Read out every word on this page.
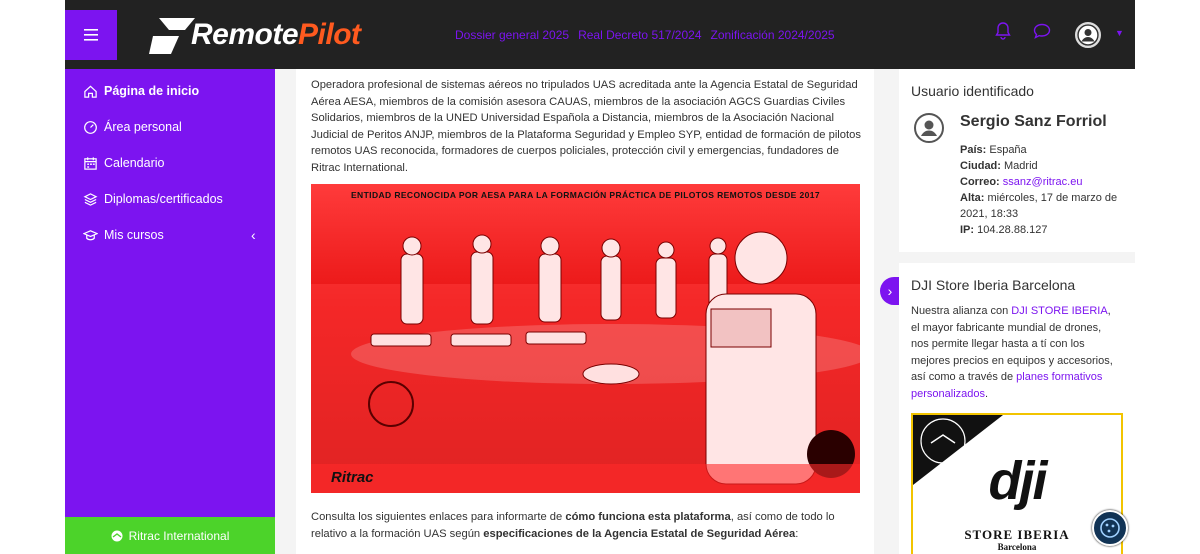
RemotePilot	Dossier general 2025 Real Decreto 517/2024 Zonificación 2024/2025	▼
Página de inicio
Área personal
Calendario
Diplomas/certificados
Mis cursos	‹
Ritrac International

Operadora profesional de sistemas aéreos no tripulados UAS acreditada ante la Agencia Estatal de Seguridad Aérea AESA, miembros de la comisión asesora CAUAS, miembros de la asociación AGCS Guardias Civiles Solidarios, miembros de la UNED Universidad Española a Distancia, miembros de la Asociación Nacional Judicial de Peritos ANJP, miembros de la Plataforma Seguridad y Empleo SYP, entidad de formación de pilotos remotos UAS reconocida, formadores de cuerpos policiales, protección civil y emergencias, fundadores de Ritrac International.

ENTIDAD RECONOCIDA POR AESA PARA LA FORMACIÓN PRÁCTICA DE PILOTOS REMOTOS DESDE 2017
Ritrac

Consulta los siguientes enlaces para informarte de cómo funciona esta plataforma, así como de todo lo relativo a la formación UAS según especificaciones de la Agencia Estatal de Seguridad Aérea:

›
Usuario identificado
Sergio Sanz Forriol
País: España
Ciudad: Madrid
Correo: ssanz@ritrac.eu
Alta: miércoles, 17 de marzo de 2021, 18:33
IP: 104.28.88.127
DJI Store Iberia Barcelona

Nuestra alianza con DJI STORE IBERIA, el mayor fabricante mundial de drones, nos permite llegar hasta a tí con los mejores precios en equipos y accesorios, así como a través de planes formativos personalizados.

dji
STORE IBERIA
Barcelona
